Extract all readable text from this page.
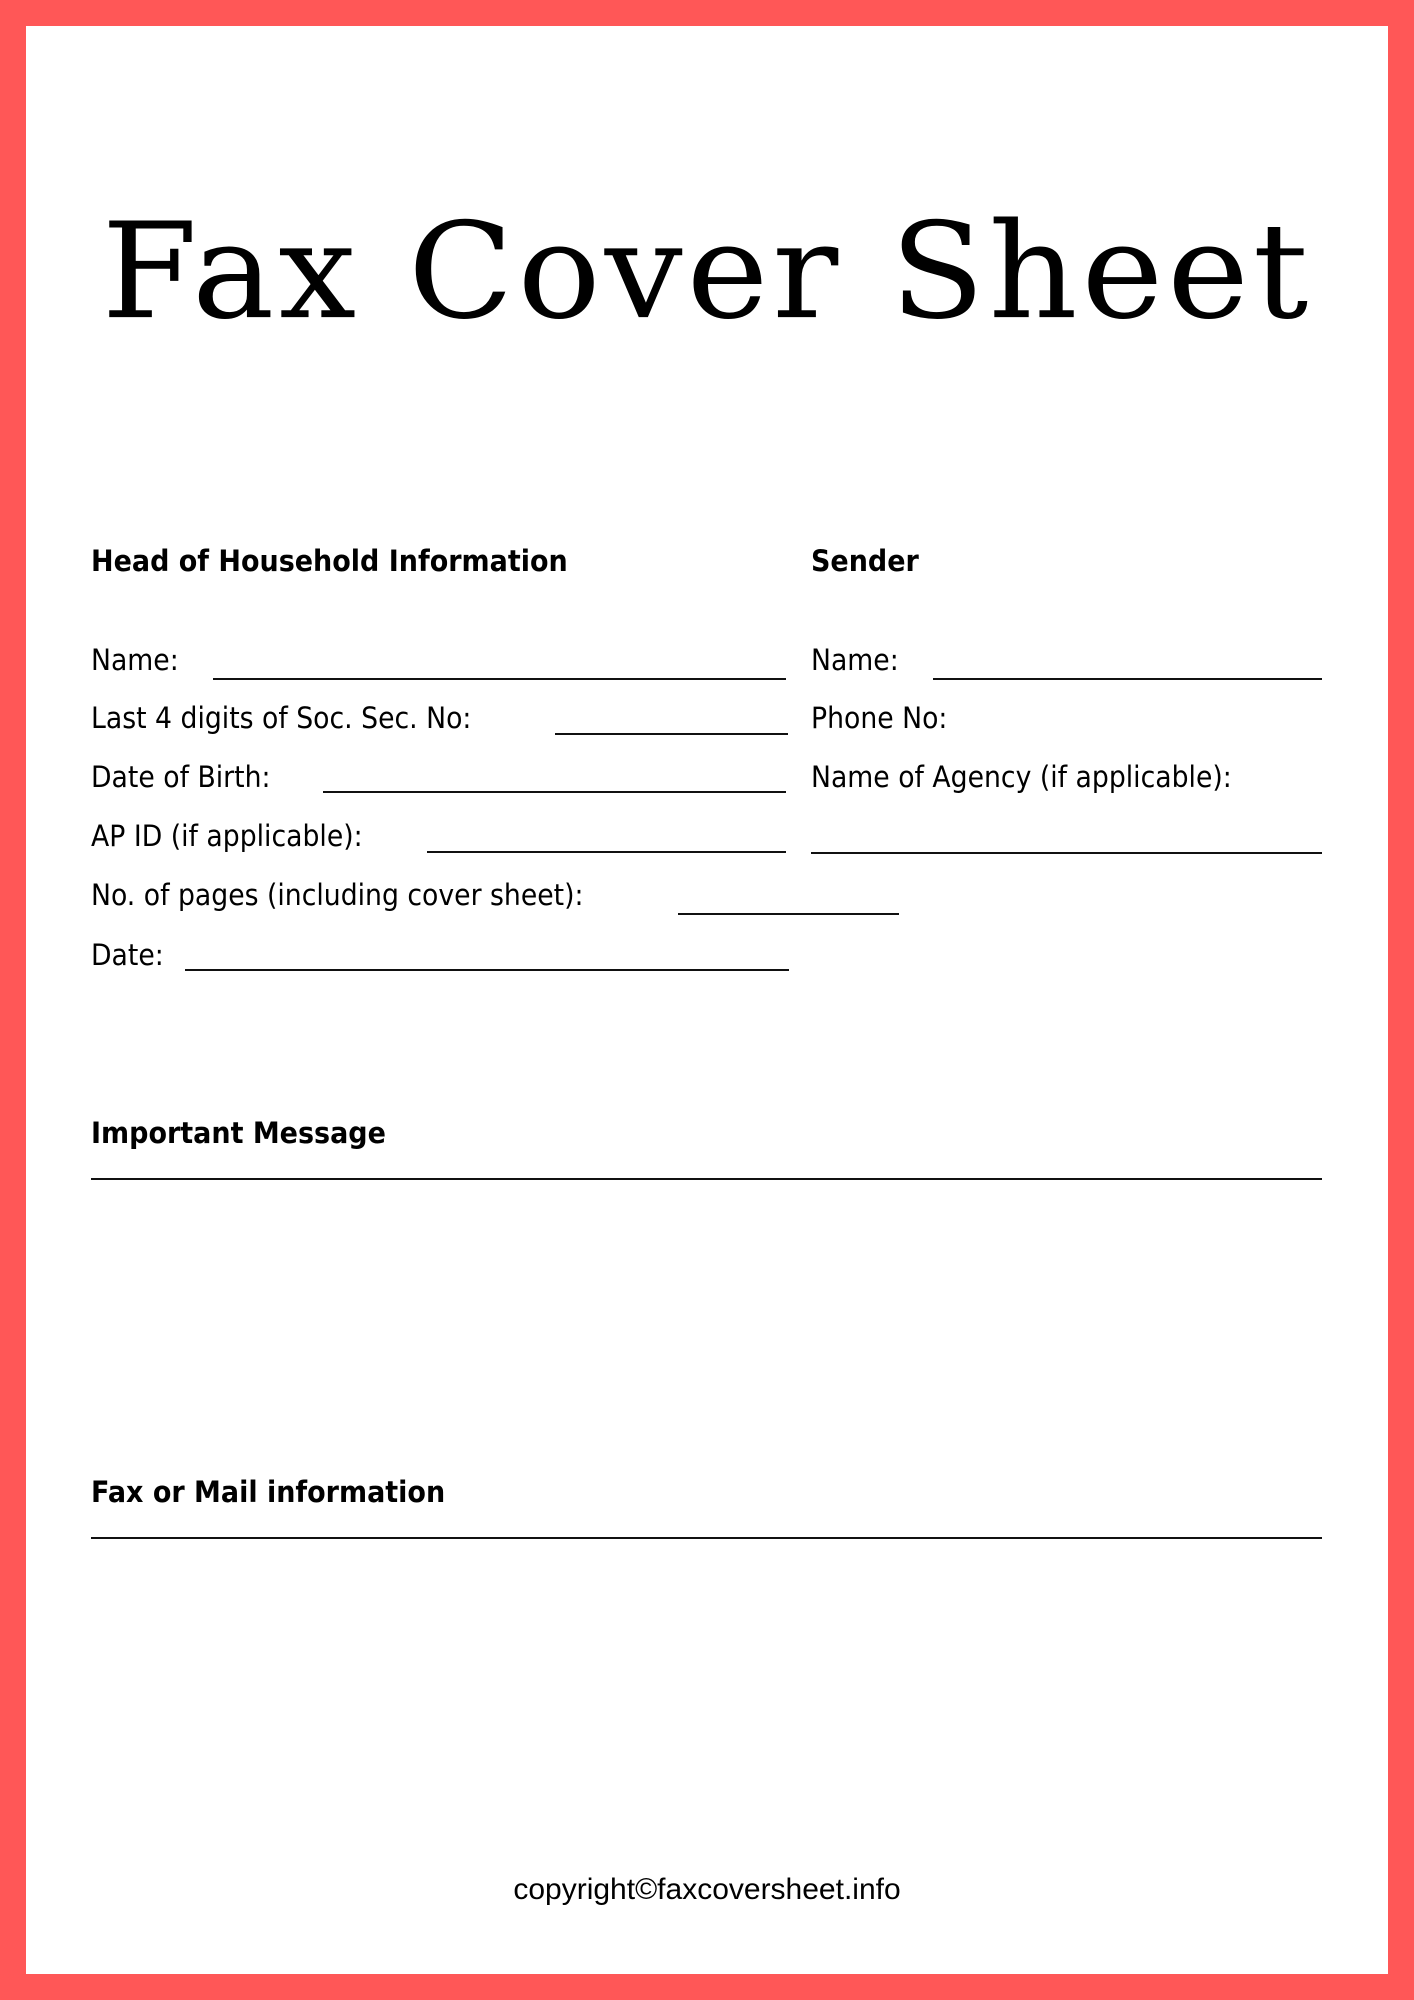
Fax Cover Sheet
Head of Household Information
Name:
Last 4 digits of Soc. Sec. No:
Date of Birth:
AP ID (if applicable):
No. of pages (including cover sheet):
Date:
Sender
Name:
Phone No:
Name of Agency (if applicable):
Important Message
Fax or Mail information
copyright©faxcoversheet.info
